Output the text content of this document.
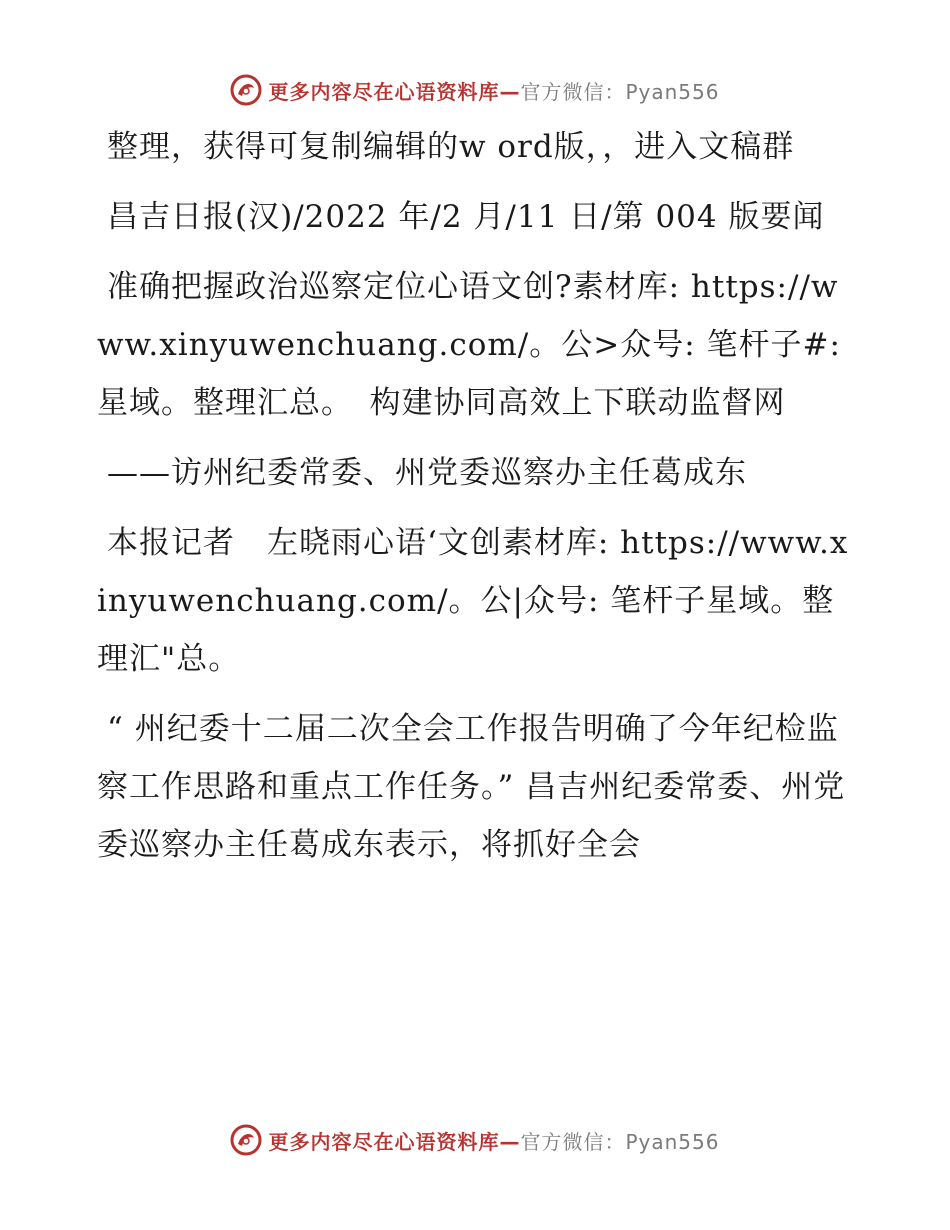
更多内容尽在心语资料库—官方微信：Pyan556

整理，获得可复制编辑的w ord版，，进入文稿群

昌吉日报(汉)/2022 年/2 月/11 日/第 004 版要闻

准确把握政治巡察定位心语文创?素材库: https://www.xinyuwenchuang.com/。公>众号: 笔杆子#:星域。整理汇总。　构建协同高效上下联动监督网

——访州纪委常委、州党委巡察办主任葛成东

本报记者　左晓雨心语‘文创素材库: https://www.xinyuwenchuang.com/。公|众号: 笔杆子星域。整理汇"总。

“ 州纪委十二届二次全会工作报告明确了今年纪检监察工作思路和重点工作任务。” 昌吉州纪委常委、州党委巡察办主任葛成东表示，将抓好全会

更多内容尽在心语资料库—官方微信：Pyan556
